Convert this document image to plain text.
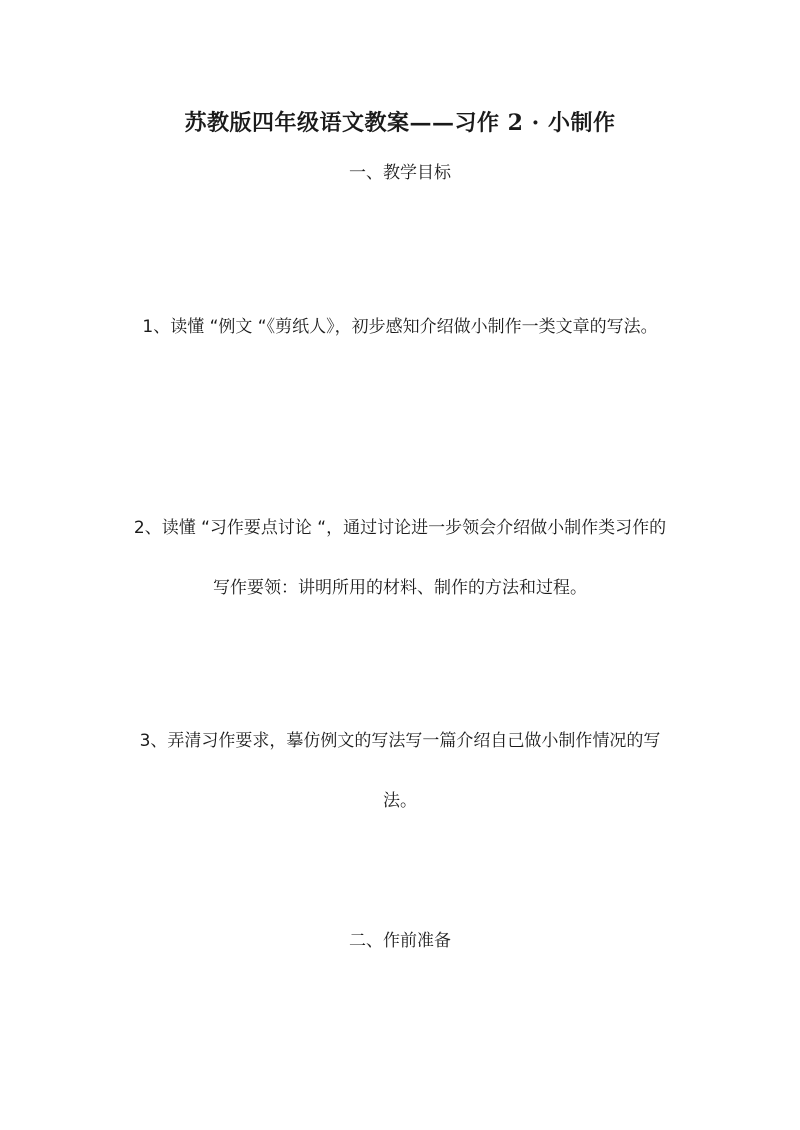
苏教版四年级语文教案——习作 2 · 小制作
一、教学目标
1、读懂 “例文 “《剪纸人》，初步感知介绍做小制作一类文章的写法。
2、读懂 “习作要点讨论 “，通过讨论进一步领会介绍做小制作类习作的写作要领：讲明所用的材料、制作的方法和过程。
3、弄清习作要求，摹仿例文的写法写一篇介绍自己做小制作情况的写法。
二、作前准备
